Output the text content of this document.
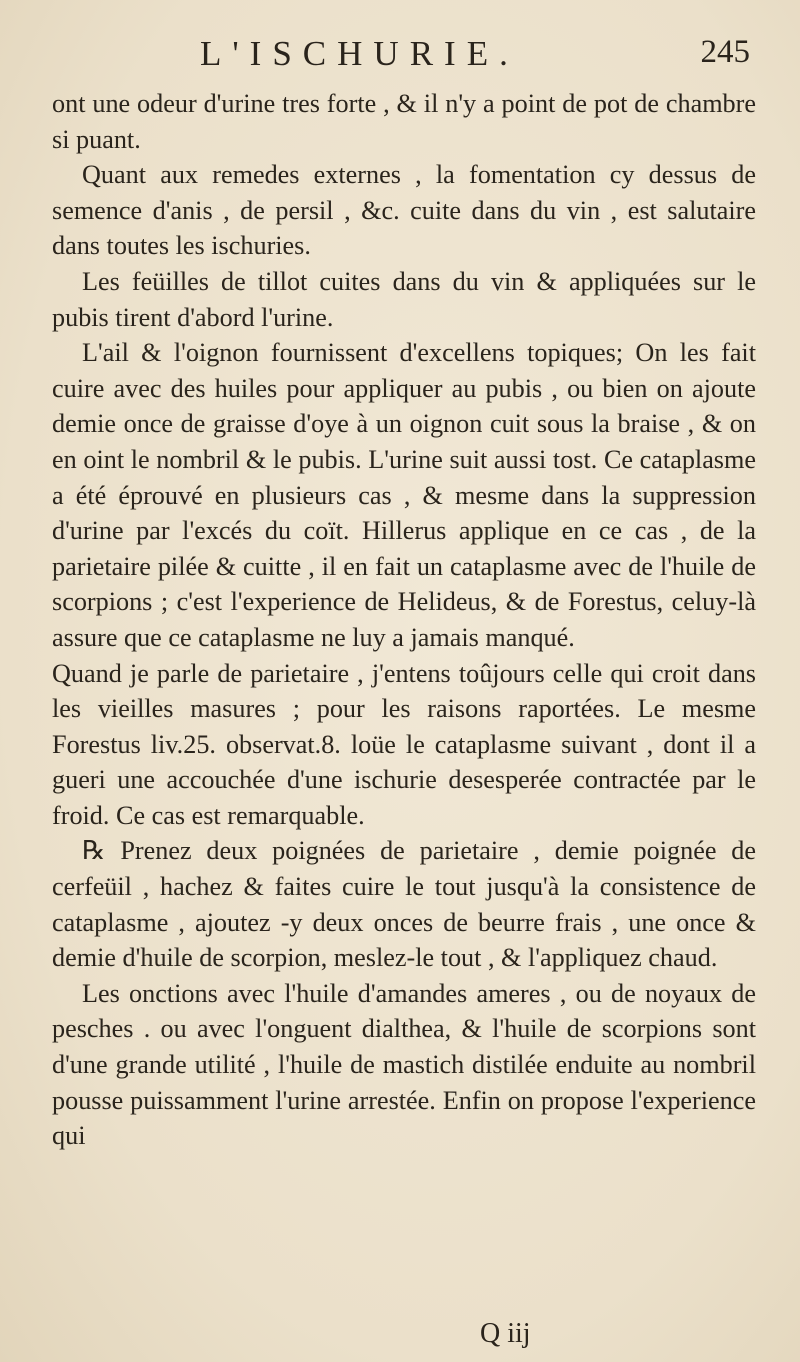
L'ISCHURIE.	245

ont une odeur d'urine tres forte , & il n'y a point de pot de chambre si puant.

Quant aux remedes externes , la fomentation cy dessus de semence d'anis , de persil , &c. cuite dans du vin , est salutaire dans toutes les ischuries.

Les feüilles de tillot cuites dans du vin & appliquées sur le pubis tirent d'abord l'urine.

L'ail & l'oignon fournissent d'excellens topiques; On les fait cuire avec des huiles pour appliquer au pubis , ou bien on ajoute demie once de graisse d'oye à un oignon cuit sous la braise , & on en oint le nombril & le pubis. L'urine suit aussi tost. Ce cataplasme a été éprouvé en plusieurs cas , & mesme dans la suppression d'urine par l'excés du coït. Hillerus applique en ce cas , de la parietaire pilée & cuitte , il en fait un cataplasme avec de l'huile de scorpions ; c'est l'experience de Helideus, & de Forestus, celuy-là assure que ce cataplasme ne luy a jamais manqué.

Quand je parle de parietaire , j'entens toûjours celle qui croit dans les vieilles masures ; pour les raisons raportées. Le mesme Forestus liv.25. observat.8. loüe le cataplasme suivant , dont il a gueri une accouchée d'une ischurie desesperée contractée par le froid. Ce cas est remarquable.

℞ Prenez deux poignées de parietaire , demie poignée de cerfeüil , hachez & faites cuire le tout jusqu'à la consistence de cataplasme , ajoutez -y deux onces de beurre frais , une once & demie d'huile de scorpion, meslez-le tout , & l'appliquez chaud.

Les onctions avec l'huile d'amandes ameres , ou de noyaux de pesches . ou avec l'onguent dialthea, & l'huile de scorpions sont d'une grande utilité , l'huile de mastich distilée enduite au nombril pousse puissamment l'urine arrestée. Enfin on propose l'experience qui

Q iij
